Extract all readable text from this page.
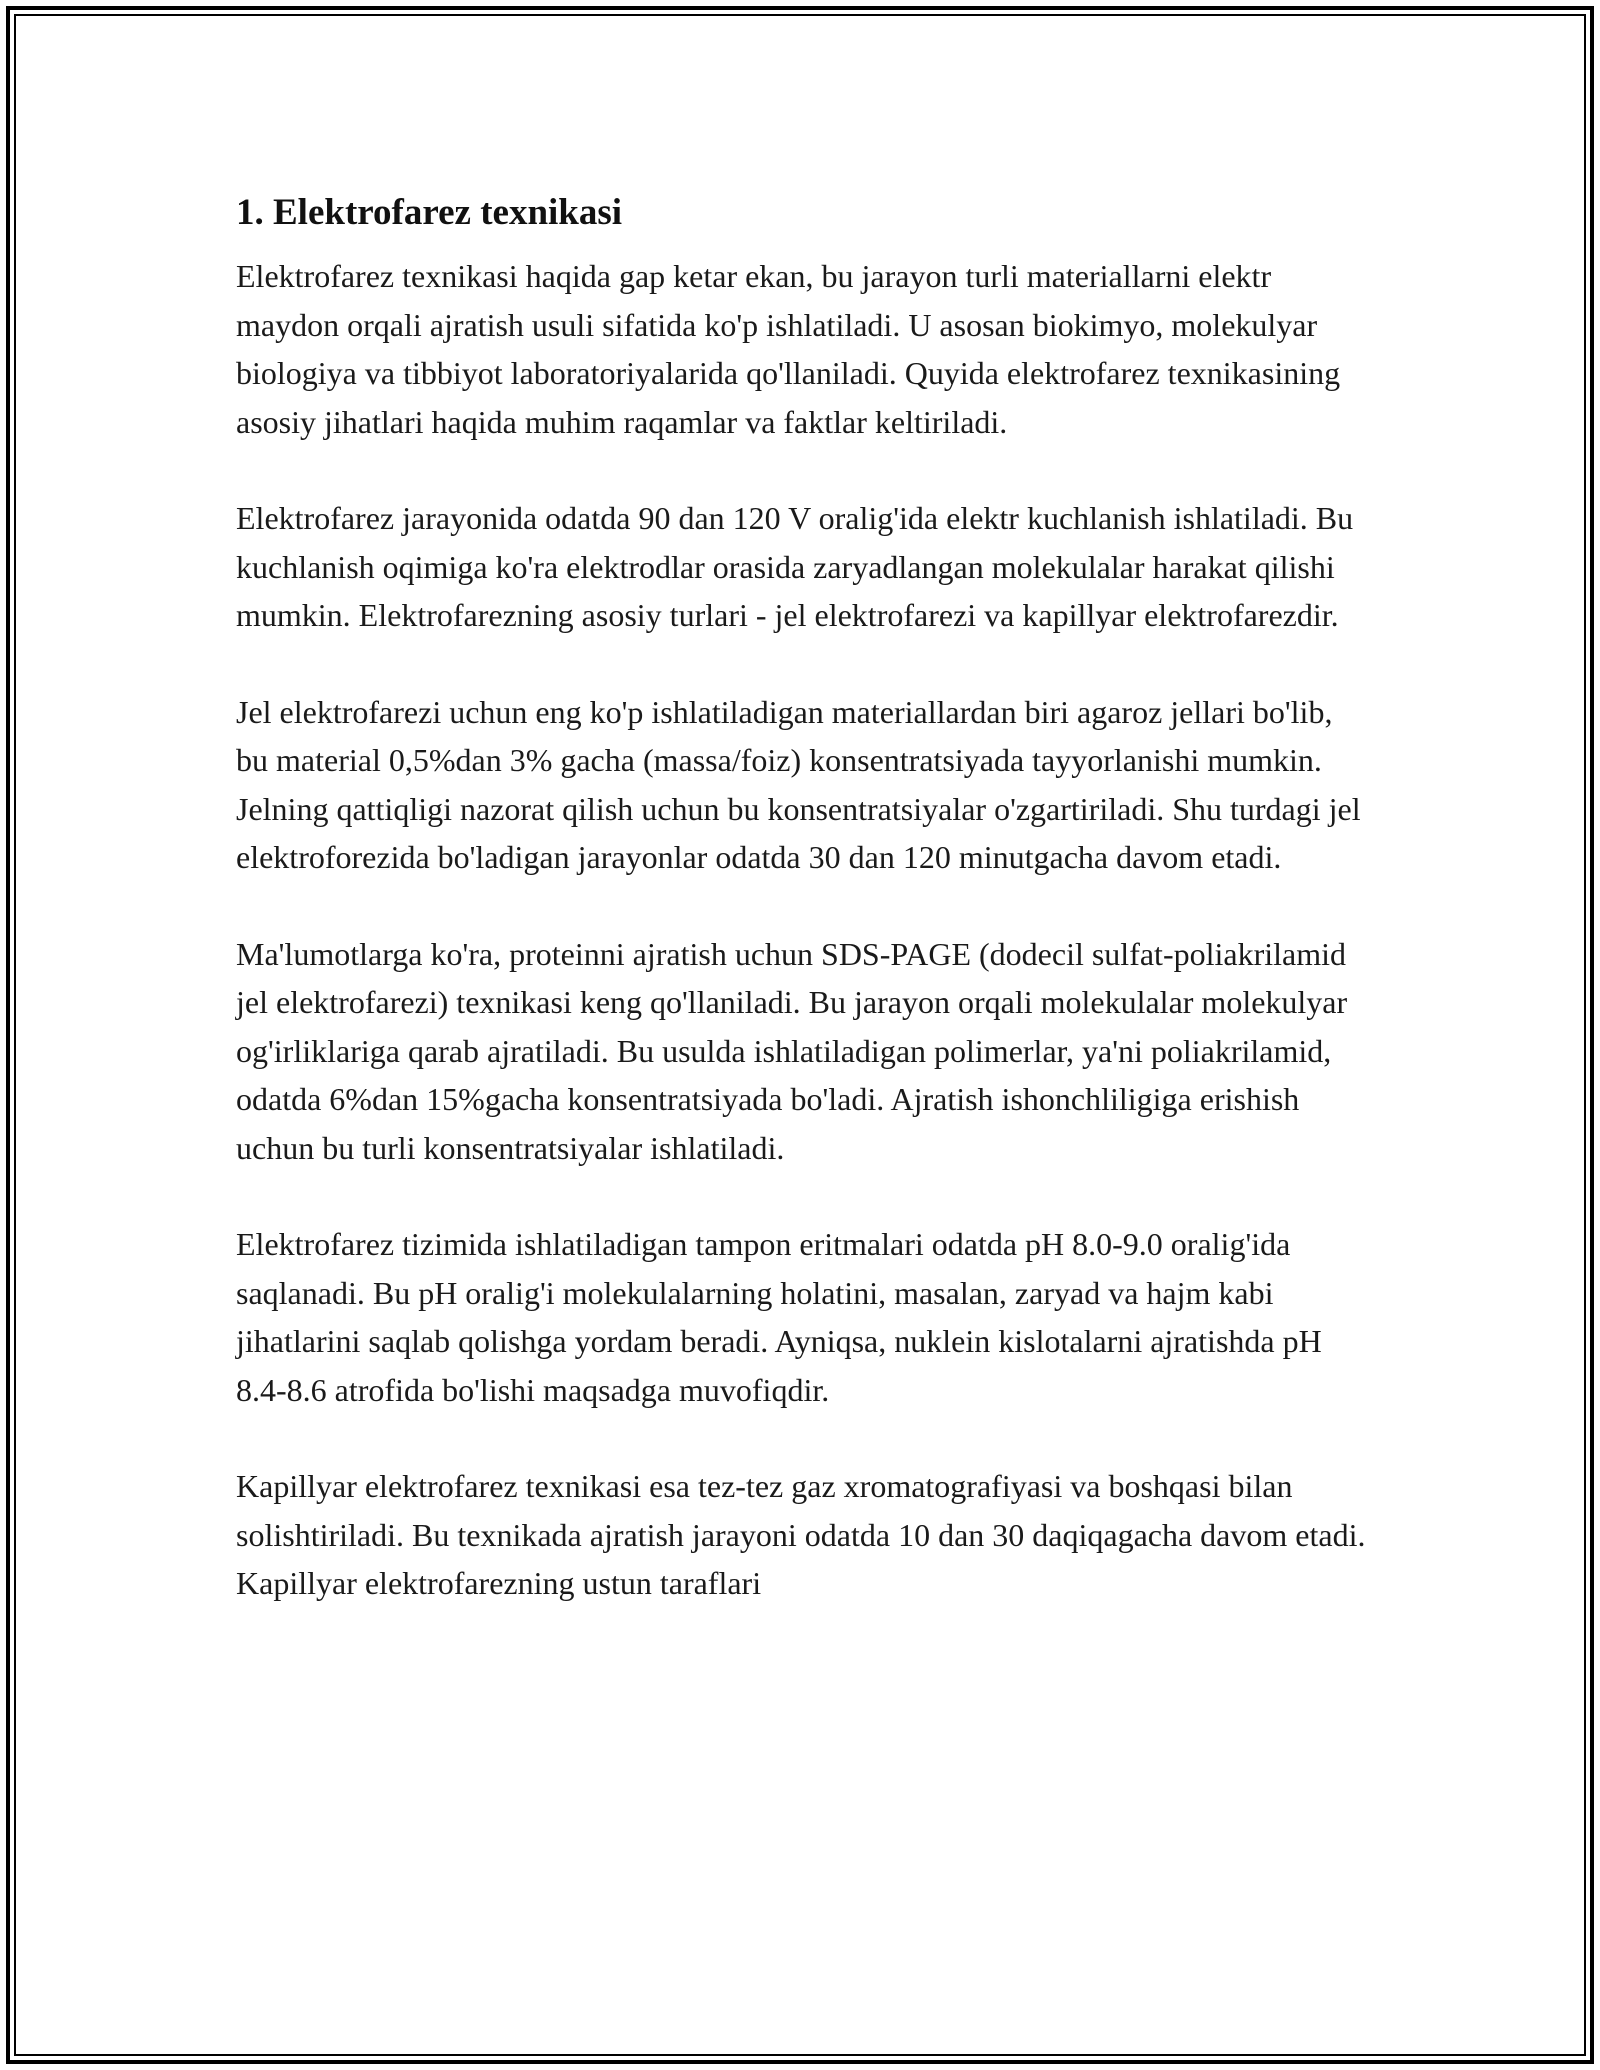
1. Elektrofarez texnikasi

Elektrofarez texnikasi haqida gap ketar ekan, bu jarayon turli materiallarni elektr maydon orqali ajratish usuli sifatida ko'p ishlatiladi. U asosan biokimyo, molekulyar biologiya va tibbiyot laboratoriyalarida qo'llaniladi. Quyida elektrofarez texnikasining asosiy jihatlari haqida muhim raqamlar va faktlar keltiriladi.

Elektrofarez jarayonida odatda 90 dan 120 V oralig'ida elektr kuchlanish ishlatiladi. Bu kuchlanish oqimiga ko'ra elektrodlar orasida zaryadlangan molekulalar harakat qilishi mumkin. Elektrofarezning asosiy turlari - jel elektrofarezi va kapillyar elektrofarezdir.

Jel elektrofarezi uchun eng ko'p ishlatiladigan materiallardan biri agaroz jellari bo'lib, bu material 0,5%dan 3% gacha (massa/foiz) konsentratsiyada tayyorlanishi mumkin. Jelning qattiqligi nazorat qilish uchun bu konsentratsiyalar o'zgartiriladi. Shu turdagi jel elektroforezida bo'ladigan jarayonlar odatda 30 dan 120 minutgacha davom etadi.

Ma'lumotlarga ko'ra, proteinni ajratish uchun SDS-PAGE (dodecil sulfat-poliakrilamid jel elektrofarezi) texnikasi keng qo'llaniladi. Bu jarayon orqali molekulalar molekulyar og'irliklariga qarab ajratiladi. Bu usulda ishlatiladigan polimerlar, ya'ni poliakrilamid, odatda 6%dan 15%gacha konsentratsiyada bo'ladi. Ajratish ishonchliligiga erishish uchun bu turli konsentratsiyalar ishlatiladi.

Elektrofarez tizimida ishlatiladigan tampon eritmalari odatda pH 8.0-9.0 oralig'ida saqlanadi. Bu pH oralig'i molekulalarning holatini, masalan, zaryad va hajm kabi jihatlarini saqlab qolishga yordam beradi. Ayniqsa, nuklein kislotalarni ajratishda pH 8.4-8.6 atrofida bo'lishi maqsadga muvofiqdir.

Kapillyar elektrofarez texnikasi esa tez-tez gaz xromatografiyasi va boshqasi bilan solishtiriladi. Bu texnikada ajratish jarayoni odatda 10 dan 30 daqiqagacha davom etadi. Kapillyar elektrofarezning ustun taraflari
